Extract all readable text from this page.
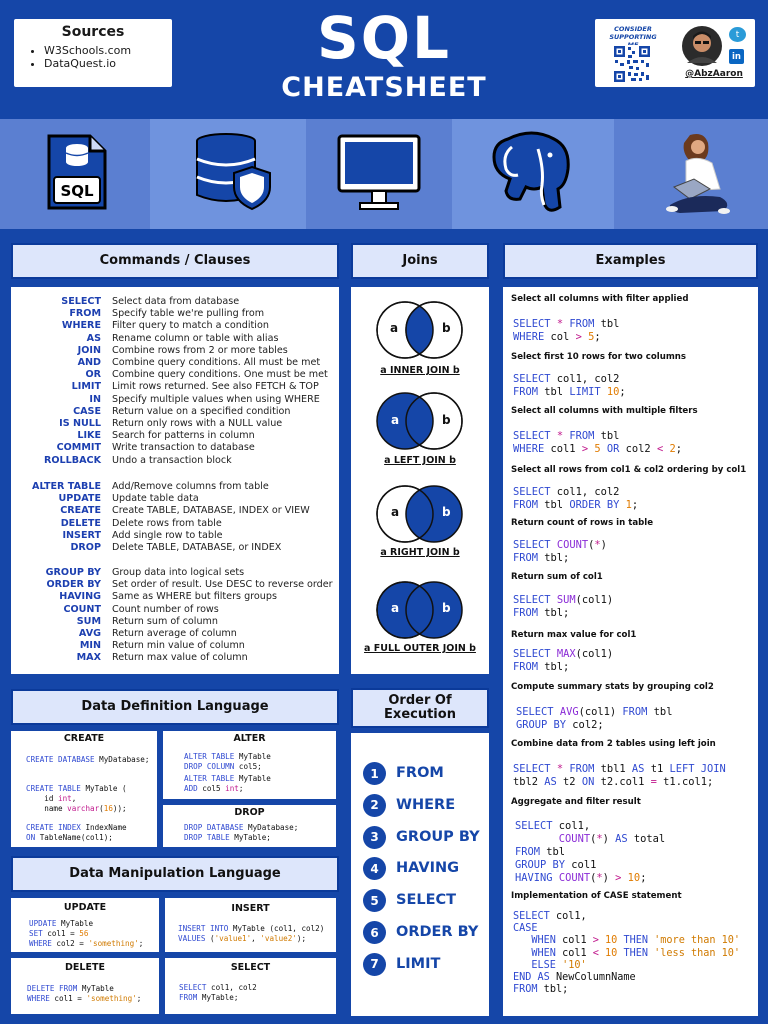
Sources
• W3Schools.com
• DataQuest.io	SQL
CHEATSHEET
CONSIDER SUPPORTING	t
in
@AbzAaron
SQL
Commands / Clauses
SELECT Select data from database
FROM Specify table we're pulling from
WHERE Filter query to match a condition
AS Rename column or table with alias
JOIN Combine rows from 2 or more tables
AND Combine query conditions. All must be met
OR Combine query conditions. One must be met
LIMIT Limit rows returned. See also FETCH & TOP
IN Specify multiple values when using WHERE
CASE Return value on a specified condition
IS NULL Return only rows with a NULL value
LIKE Search for patterns in column
COMMIT Write transaction to database
ROLLBACK Undo a transaction block
ALTER TABLE Add/Remove columns from table
UPDATE Update table data
CREATE Create TABLE, DATABASE, INDEX or VIEW
DELETE Delete rows from table
INSERT Add single row to table
DROP Delete TABLE, DATABASE, or INDEX
GROUP BY Group data into logical sets
ORDER BY Set order of result. Use DESC to reverse order
HAVING Same as WHERE but filters groups
COUNT Count number of rows
SUM Return sum of column
AVG Return average of column
MIN Return min value of column
MAX Return max value of column
Joins
a	b
a	b
a	b
a	b
a INNER JOIN b
a LEFT JOIN b
a RIGHT JOIN b
a FULL OUTER JOIN b
Order Of Execution
1	FROM
2	WHERE
3	GROUP BY
4	HAVING
5	SELECT
6	ORDER BY
7	LIMIT
Data Definition Language
CREATE	ALTER
DROP
CREATE DATABASE MyDatabase;
CREATE TABLE MyTable (
id int,
name varchar(16));
CREATE INDEX IndexName
ON TableName(col1);
ALTER TABLE MyTable
DROP COLUMN col5;
ALTER TABLE MyTable
ADD col5 int;
DROP DATABASE MyDatabase;
DROP TABLE MyTable;
Data Manipulation Language
UPDATE	INSERT
DELETE	SELECT
UPDATE MyTable
SET col1 = 56
WHERE col2 = 'something';
INSERT INTO MyTable (col1, col2)
VALUES ('value1', 'value2');
DELETE FROM MyTable
WHERE col1 = 'something';
SELECT col1, col2
FROM MyTable;
Examples
Select all columns with filter applied
SELECT * FROM tbl
WHERE col > 5;
Select first 10 rows for two columns
SELECT col1, col2
FROM tbl LIMIT 10;
Select all columns with multiple filters
SELECT * FROM tbl
WHERE col1 > 5 OR col2 < 2;
Select all rows from col1 & col2 ordering by col1
SELECT col1, col2
FROM tbl ORDER BY 1;
Return count of rows in table
SELECT COUNT(*)
FROM tbl;
Return sum of col1
SELECT SUM(col1)
FROM tbl;
Return max value for col1
SELECT MAX(col1)
FROM tbl;
Compute summary stats by grouping col2
SELECT AVG(col1) FROM tbl
GROUP BY col2;
Combine data from 2 tables using left join
SELECT * FROM tbl1 AS t1 LEFT JOIN
tbl2 AS t2 ON t2.col1 = t1.col1;
Aggregate and filter result
SELECT col1,
COUNT(*) AS total
FROM tbl
GROUP BY col1
HAVING COUNT(*) > 10;
Implementation of CASE statement
SELECT col1,
CASE
WHEN col1 > 10 THEN 'more than 10'
WHEN col1 < 10 THEN 'less than 10'
ELSE '10'
END AS NewColumnName
FROM tbl;
